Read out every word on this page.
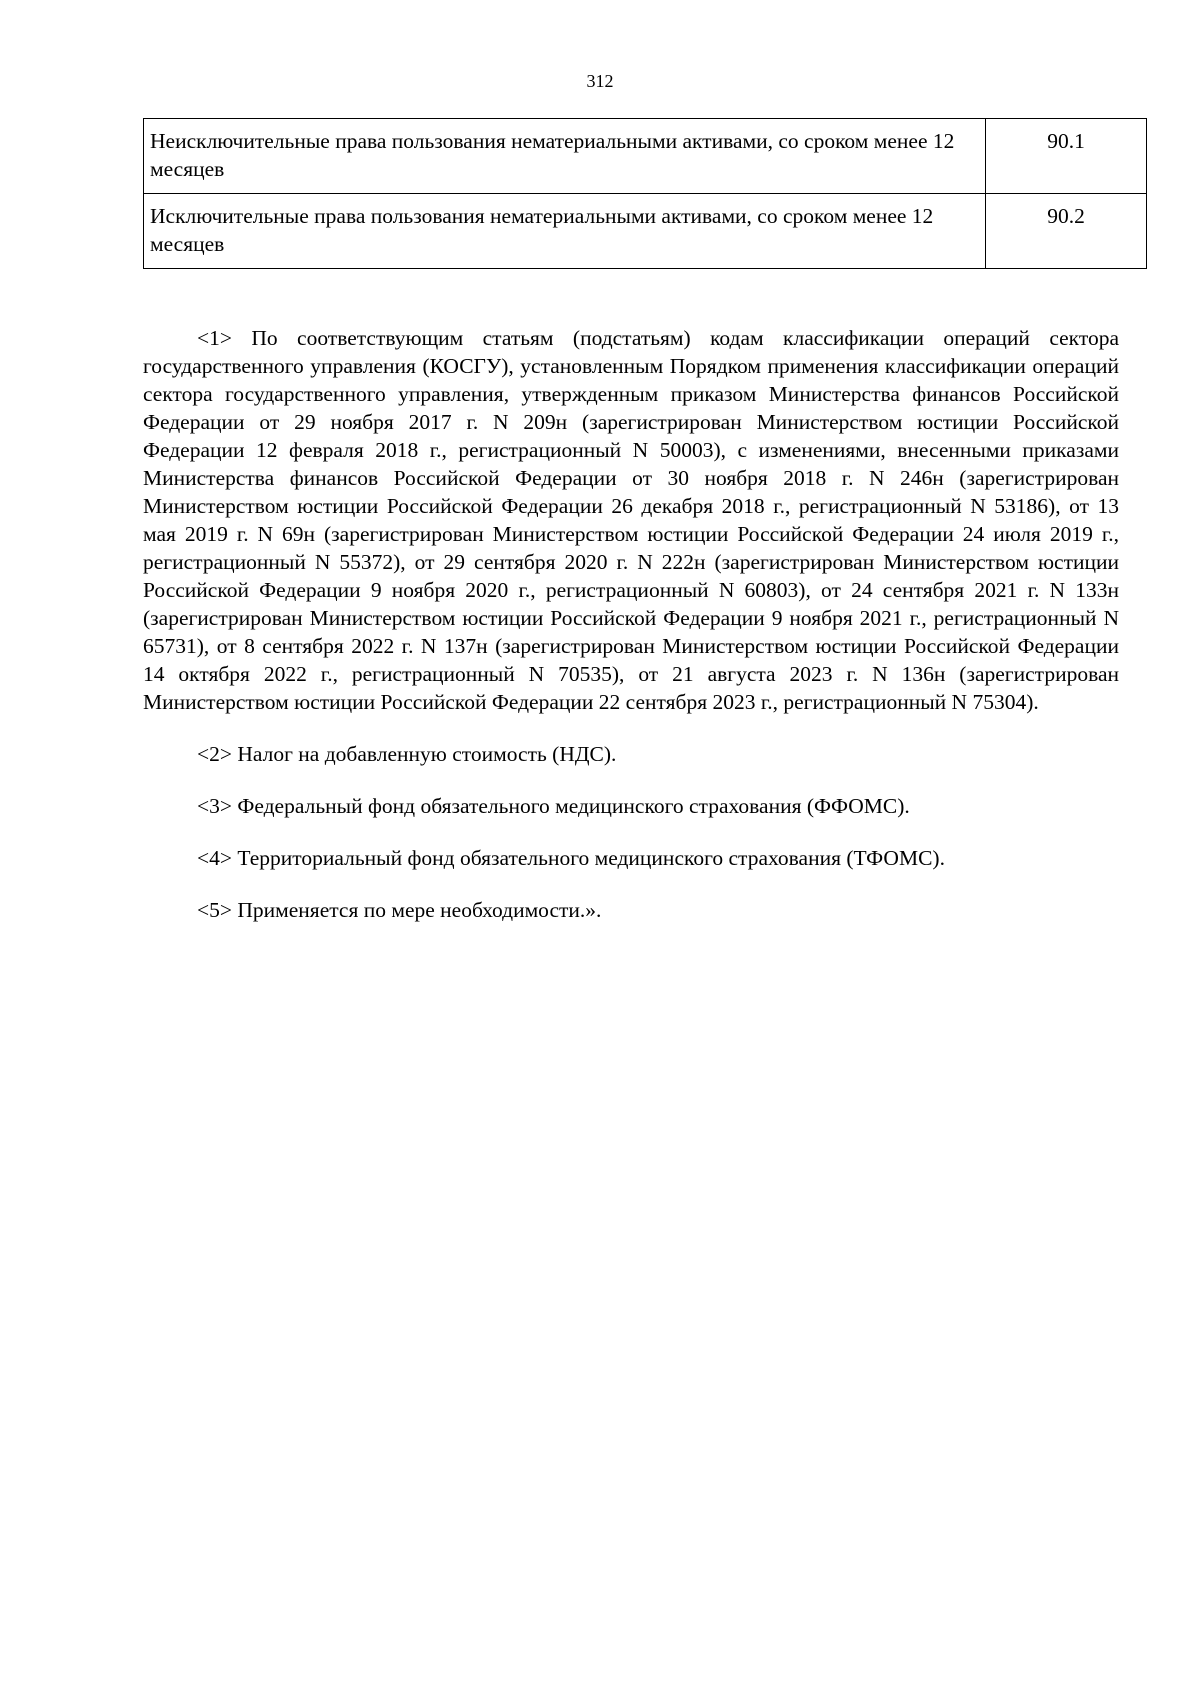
312
Неисключительные права пользования нематериальными активами, со сроком менее 12 месяцев	90.1
Исключительные права пользования нематериальными активами, со сроком менее 12 месяцев	90.2

<1> По соответствующим статьям (подстатьям) кодам классификации операций сектора государственного управления (КОСГУ), установленным Порядком применения классификации операций сектора государственного управления, утвержденным приказом Министерства финансов Российской Федерации от 29 ноября 2017 г. N 209н (зарегистрирован Министерством юстиции Российской Федерации 12 февраля 2018 г., регистрационный N 50003), с изменениями, внесенными приказами Министерства финансов Российской Федерации от 30 ноября 2018 г. N 246н (зарегистрирован Министерством юстиции Российской Федерации 26 декабря 2018 г., регистрационный N 53186), от 13 мая 2019 г. N 69н (зарегистрирован Министерством юстиции Российской Федерации 24 июля 2019 г., регистрационный N 55372), от 29 сентября 2020 г. N 222н (зарегистрирован Министерством юстиции Российской Федерации 9 ноября 2020 г., регистрационный N 60803), от 24 сентября 2021 г. N 133н (зарегистрирован Министерством юстиции Российской Федерации 9 ноября 2021 г., регистрационный N 65731), от 8 сентября 2022 г. N 137н (зарегистрирован Министерством юстиции Российской Федерации 14 октября 2022 г., регистрационный N 70535), от 21 августа 2023 г. N 136н (зарегистрирован Министерством юстиции Российской Федерации 22 сентября 2023 г., регистрационный N 75304).

<2> Налог на добавленную стоимость (НДС).

<3> Федеральный фонд обязательного медицинского страхования (ФФОМС).

<4> Территориальный фонд обязательного медицинского страхования (ТФОМС).

<5> Применяется по мере необходимости.».
